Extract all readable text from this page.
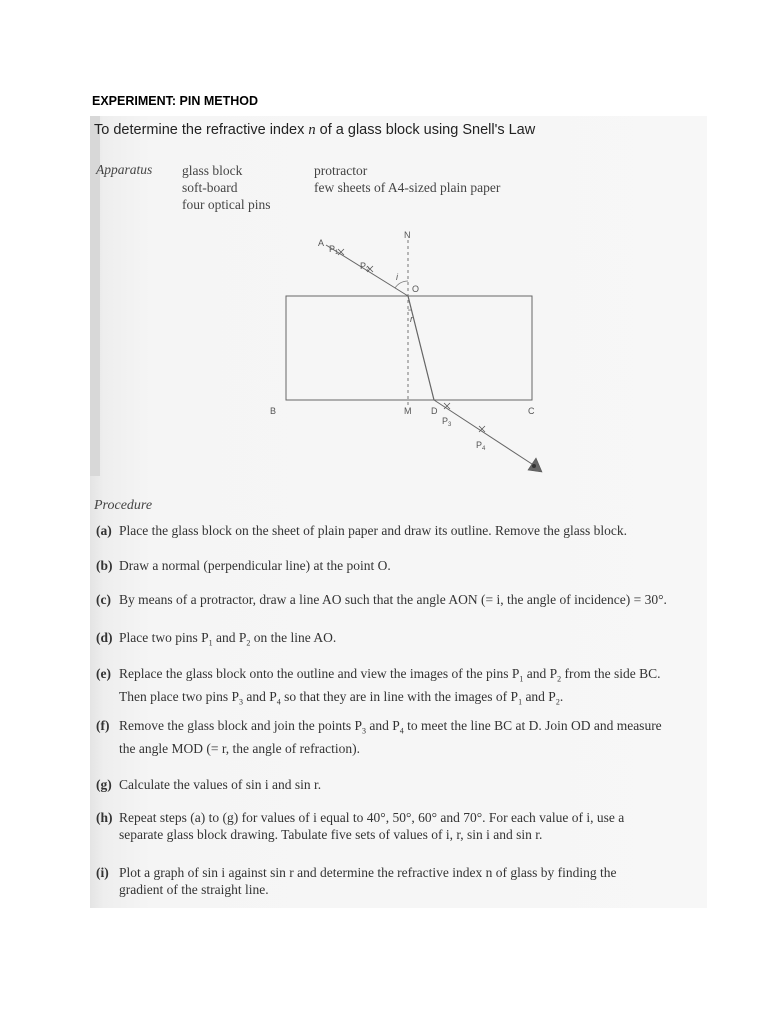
EXPERIMENT: PIN METHOD
To determine the refractive index n of a glass block using Snell's Law
Apparatus glass block
soft-board
four optical pins
protractor
few sheets of A4-sized plain paper
A
$P_1$
$P_2$
N
i
O
r
B	M D	C
$P_3$
$P_4$
Procedure
(a) Place the glass block on the sheet of plain paper and draw its outline. Remove the glass block.
(b) Draw a normal (perpendicular line) at the point O.
(c) By means of a protractor, draw a line AO such that the angle AON (= i, the angle of incidence) = 30°.
(d) Place two pins $P_1$ and $P_2$ on the line AO.
(e) Replace the glass block onto the outline and view the images of the pins $P_1$ and $P_2$ from the side BC.
Then place two pins $P_3$ and $P_4$ so that they are in line with the images of $P_1$ and $P_2$.
(f) Remove the glass block and join the points $P_3$ and $P_4$ to meet the line BC at D. Join OD and measure
the angle MOD (= r, the angle of refraction).
(g) Calculate the values of sin i and sin r.
(h) Repeat steps (a) to (g) for values of i equal to 40°, 50°, 60° and 70°. For each value of i, use a
separate glass block drawing. Tabulate five sets of values of i, r, sin i and sin r.
(i) Plot a graph of sin i against sin r and determine the refractive index n of glass by finding the
gradient of the straight line.
